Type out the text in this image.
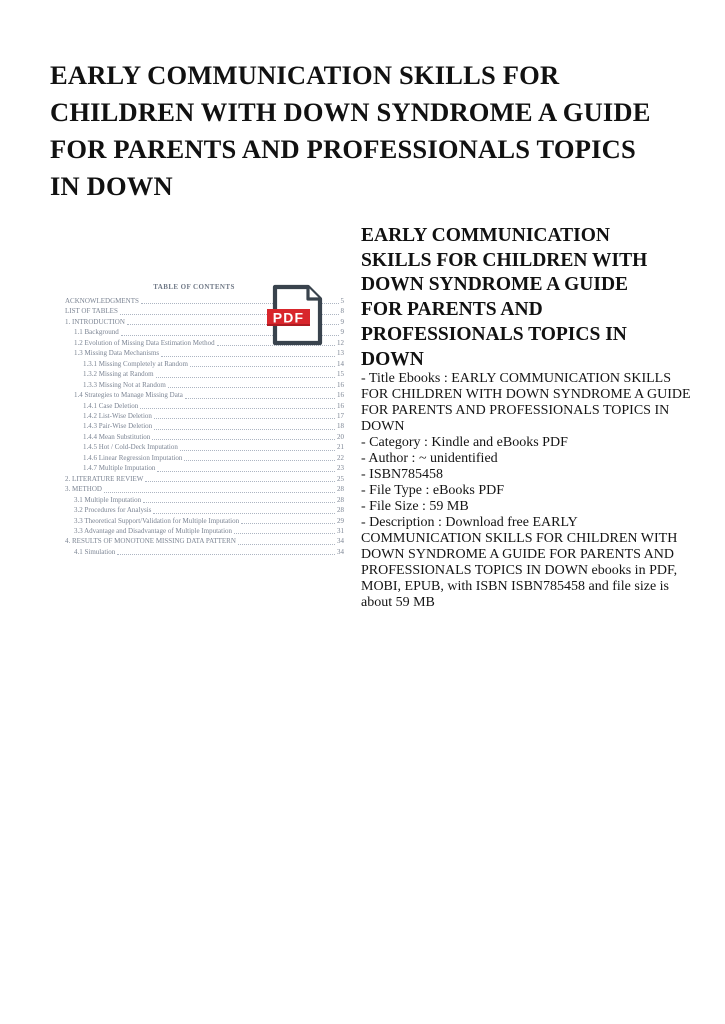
EARLY COMMUNICATION SKILLS FOR
CHILDREN WITH DOWN SYNDROME A GUIDE
FOR PARENTS AND PROFESSIONALS TOPICS
IN DOWN
TABLE OF CONTENTS
ACKNOWLEDGMENTS	5
LIST OF TABLES	8
1. INTRODUCTION	9
1.1 Background	9
1.2 Evolution of Missing Data Estimation Method	12
1.3 Missing Data Mechanisms	13
1.3.1 Missing Completely at Random	14
1.3.2 Missing at Random	15
1.3.3 Missing Not at Random	16
1.4 Strategies to Manage Missing Data	16
1.4.1 Case Deletion	16
1.4.2 List-Wise Deletion	17
1.4.3 Pair-Wise Deletion	18
1.4.4 Mean Substitution	20
1.4.5 Hot / Cold-Deck Imputation	21
1.4.6 Linear Regression Imputation	22
1.4.7 Multiple Imputation	23
2. LITERATURE REVIEW	25
3. METHOD	28
3.1 Multiple Imputation	28
3.2 Procedures for Analysis	28
3.3 Theoretical Support/Validation for Multiple Imputation	29
3.3 Advantage and Disadvantage of Multiple Imputation	31
4. RESULTS OF MONOTONE MISSING DATA PATTERN	34
4.1 Simulation	34
PDF
EARLY COMMUNICATION
SKILLS FOR CHILDREN WITH
DOWN SYNDROME A GUIDE
FOR PARENTS AND
PROFESSIONALS TOPICS IN
DOWN

- Title Ebooks : EARLY COMMUNICATION SKILLS FOR CHILDREN WITH DOWN SYNDROME A GUIDE FOR PARENTS AND PROFESSIONALS TOPICS IN DOWN

- Category : Kindle and eBooks PDF

- Author : ~ unidentified

- ISBN785458

- File Type : eBooks PDF

- File Size : 59 MB

- Description : Download free EARLY COMMUNICATION SKILLS FOR CHILDREN WITH DOWN SYNDROME A GUIDE FOR PARENTS AND PROFESSIONALS TOPICS IN DOWN ebooks in PDF, MOBI, EPUB, with ISBN ISBN785458 and file size is about 59 MB
